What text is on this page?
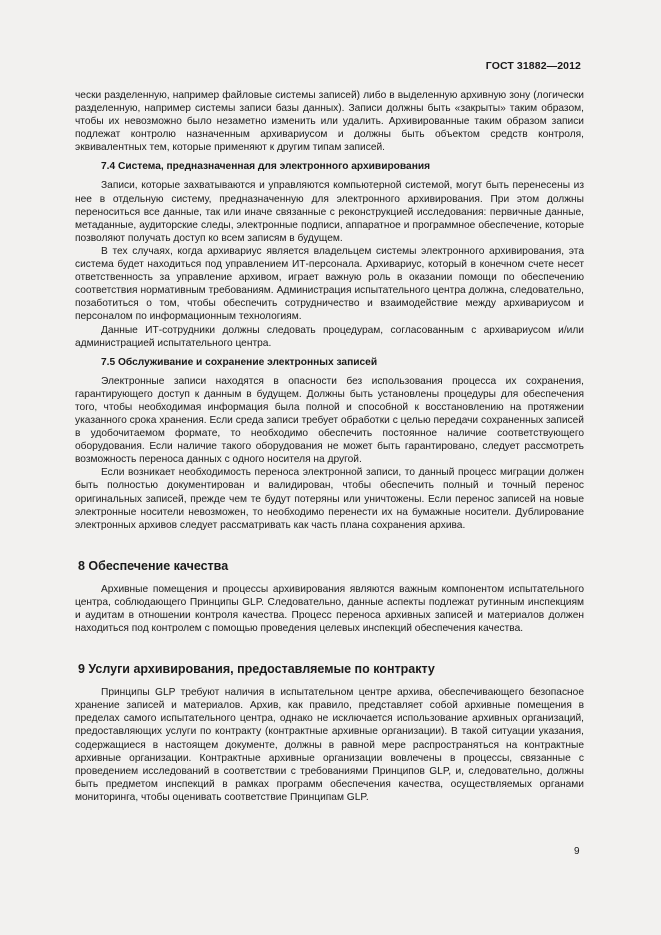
ГОСТ 31882—2012

чески разделенную, например файловые системы записей) либо в выделенную архивную зону (логически разделенную, например системы записи базы данных). Записи должны быть «закрыты» таким образом, чтобы их невозможно было незаметно изменить или удалить. Архивированные таким образом записи подлежат контролю назначенным архивариусом и должны быть объектом средств контроля, эквивалентных тем, которые применяют к другим типам записей.

7.4 Система, предназначенная для электронного архивирования

Записи, которые захватываются и управляются компьютерной системой, могут быть перенесены из нее в отдельную систему, предназначенную для электронного архивирования. При этом должны переноситься все данные, так или иначе связанные с реконструкцией исследования: первичные данные, метаданные, аудиторские следы, электронные подписи, аппаратное и программное обеспечение, которые позволяют получать доступ ко всем записям в будущем.

В тех случаях, когда архивариус является владельцем системы электронного архивирования, эта система будет находиться под управлением ИТ-персонала. Архивариус, который в конечном счете несет ответственность за управление архивом, играет важную роль в оказании помощи по обеспечению соответствия нормативным требованиям. Администрация испытательного центра должна, следовательно, позаботиться о том, чтобы обеспечить сотрудничество и взаимодействие между архивариусом и персоналом по информационным технологиям.

Данные ИТ-сотрудники должны следовать процедурам, согласованным с архивариусом и/или администрацией испытательного центра.

7.5 Обслуживание и сохранение электронных записей

Электронные записи находятся в опасности без использования процесса их сохранения, гарантирующего доступ к данным в будущем. Должны быть установлены процедуры для обеспечения того, чтобы необходимая информация была полной и способной к восстановлению на протяжении указанного срока хранения. Если среда записи требует обработки с целью передачи сохраненных записей в удобочитаемом формате, то необходимо обеспечить постоянное наличие соответствующего оборудования. Если наличие такого оборудования не может быть гарантировано, следует рассмотреть возможность переноса данных с одного носителя на другой.

Если возникает необходимость переноса электронной записи, то данный процесс миграции должен быть полностью документирован и валидирован, чтобы обеспечить полный и точный перенос оригинальных записей, прежде чем те будут потеряны или уничтожены. Если перенос записей на новые электронные носители невозможен, то необходимо перенести их на бумажные носители. Дублирование электронных архивов следует рассматривать как часть плана сохранения архива.

8 Обеспечение качества

Архивные помещения и процессы архивирования являются важным компонентом испытательного центра, соблюдающего Принципы GLP. Следовательно, данные аспекты подлежат рутинным инспекциям и аудитам в отношении контроля качества. Процесс переноса архивных записей и материалов должен находиться под контролем с помощью проведения целевых инспекций обеспечения качества.

9 Услуги архивирования, предоставляемые по контракту

Принципы GLP требуют наличия в испытательном центре архива, обеспечивающего безопасное хранение записей и материалов. Архив, как правило, представляет собой архивные помещения в пределах самого испытательного центра, однако не исключается использование архивных организаций, предоставляющих услуги по контракту (контрактные архивные организации). В такой ситуации указания, содержащиеся в настоящем документе, должны в равной мере распространяться на контрактные архивные организации. Контрактные архивные организации вовлечены в процессы, связанные с проведением исследований в соответствии с требованиями Принципов GLP, и, следовательно, должны быть предметом инспекций в рамках программ обеспечения качества, осуществляемых органами мониторинга, чтобы оценивать соответствие Принципам GLP.

9
